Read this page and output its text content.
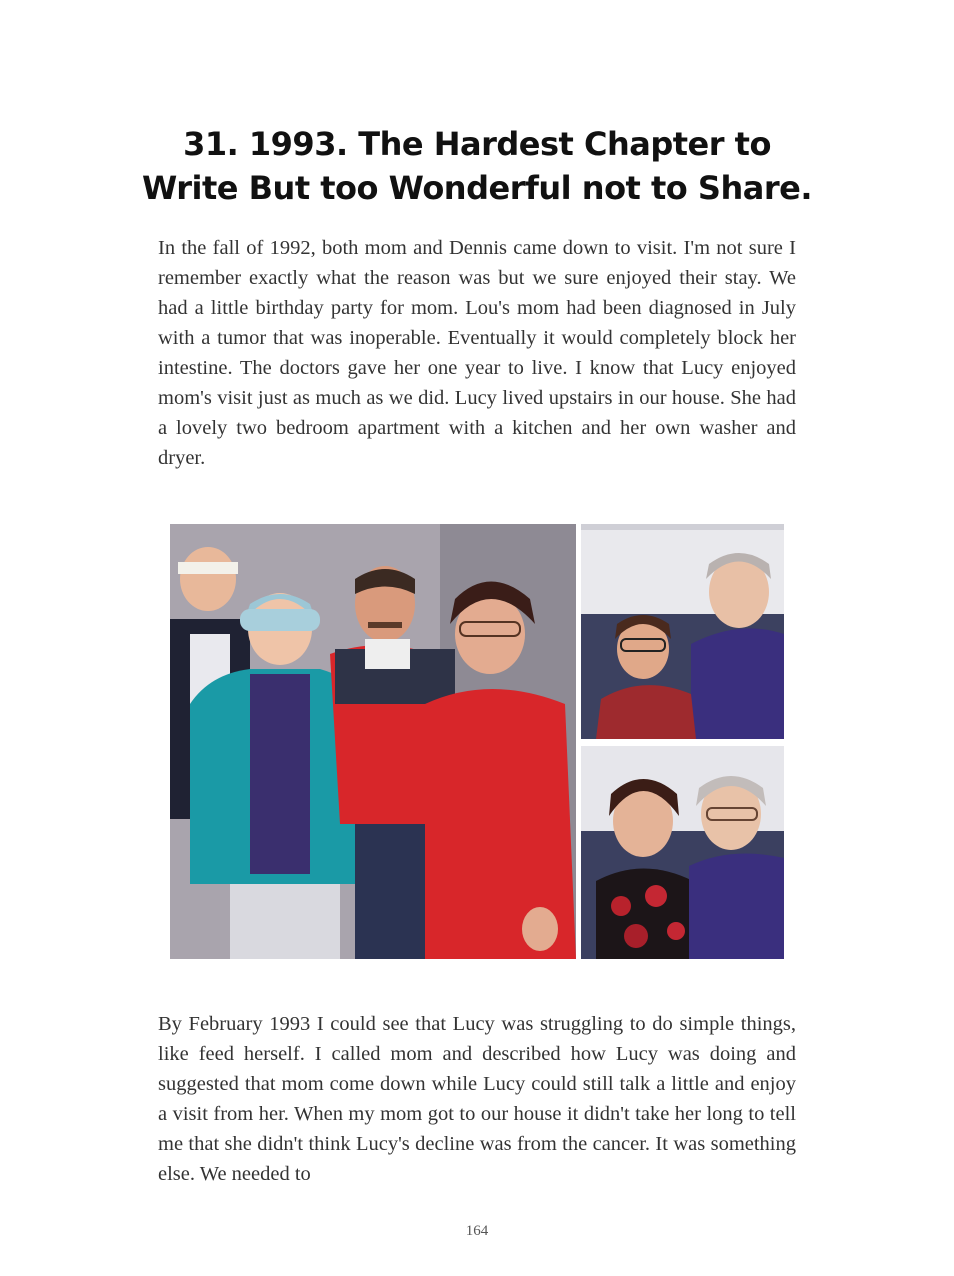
31. 1993. The Hardest Chapter to
Write But too Wonderful not to Share.

In the fall of 1992, both mom and Dennis came down to visit. I'm not sure I remember exactly what the reason was but we sure enjoyed their stay. We had a little birthday party for mom. Lou's mom had been diagnosed in July with a tumor that was inoperable. Eventually it would completely block her intestine. The doctors gave her one year to live. I know that Lucy enjoyed mom's visit just as much as we did. Lucy lived upstairs in our house. She had a lovely two bedroom apartment with a kitchen and her own washer and dryer.

By February 1993 I could see that Lucy was struggling to do simple things, like feed herself. I called mom and described how Lucy was doing and suggested that mom come down while Lucy could still talk a little and enjoy a visit from her. When my mom got to our house it didn't take her long to tell me that she didn't think Lucy's decline was from the cancer. It was something else. We needed to

164
